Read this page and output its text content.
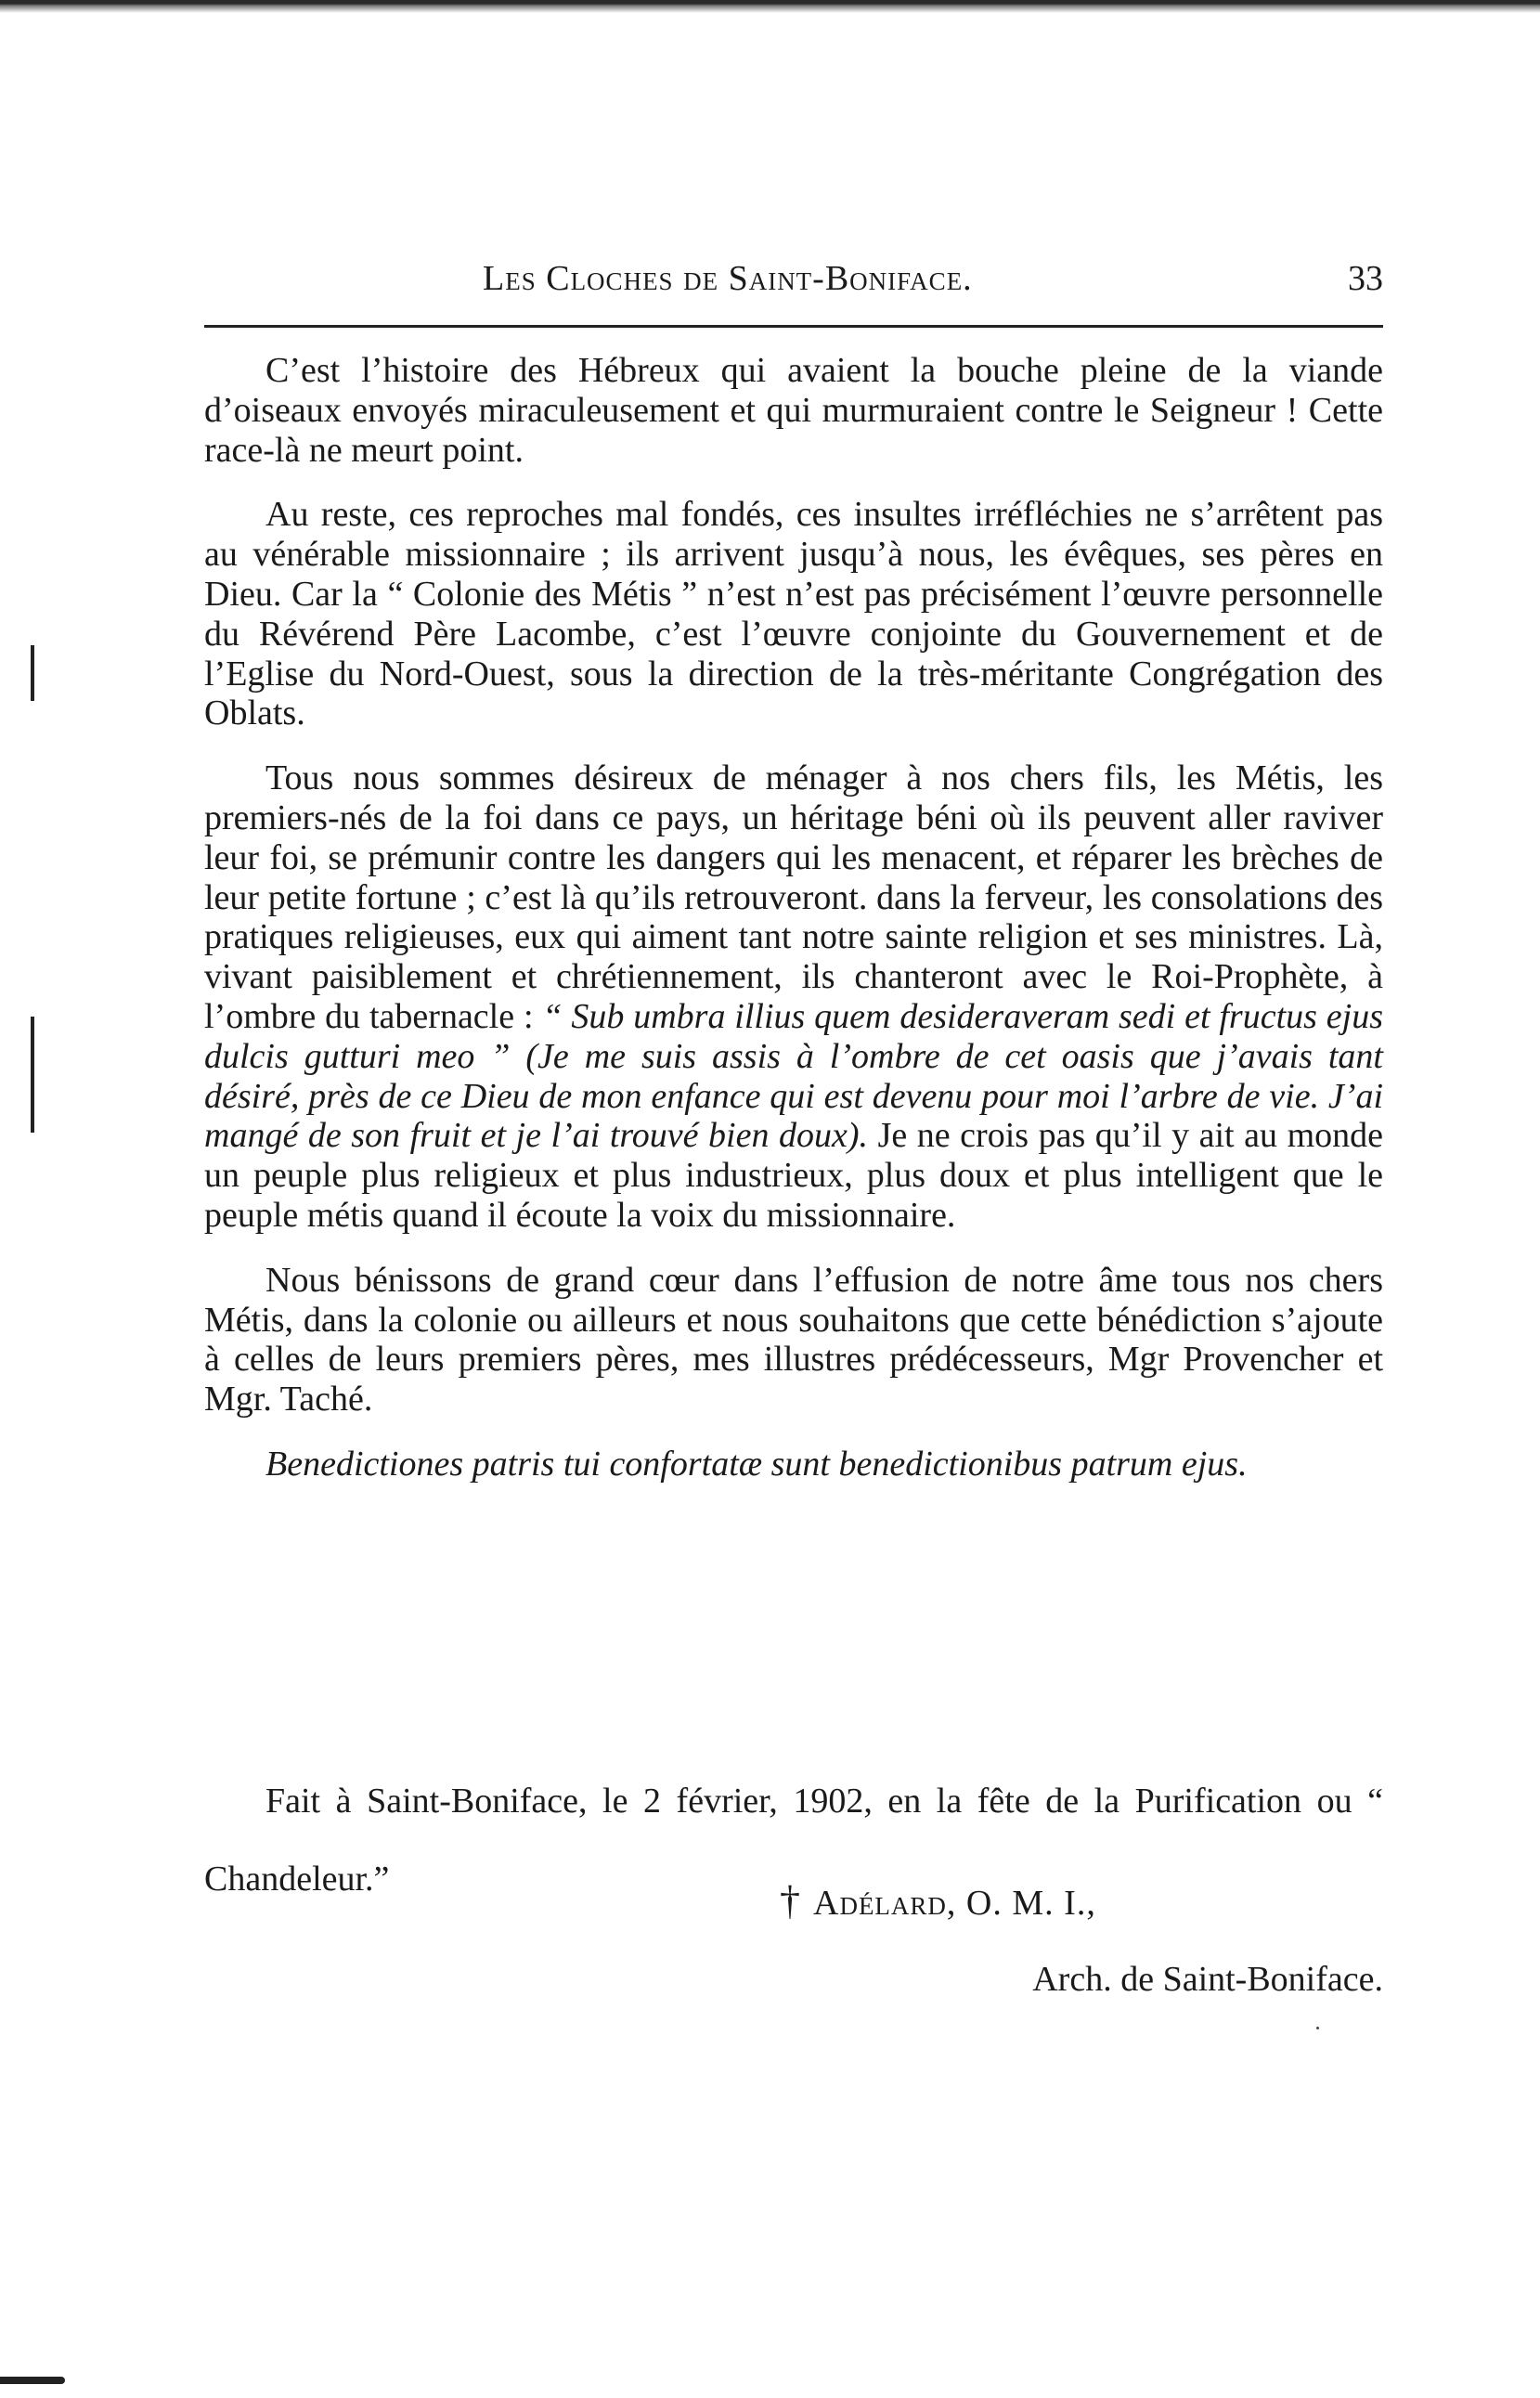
Les Cloches de Saint-Boniface.	33

C’est l’histoire des Hébreux qui avaient la bouche pleine de la viande d’oiseaux envoyés miraculeusement et qui murmuraient contre le Seigneur ! Cette race-là ne meurt point.

Au reste, ces reproches mal fondés, ces insultes irréfléchies ne s’arrêtent pas au vénérable missionnaire ; ils arrivent jusqu’à nous, les évêques, ses pères en Dieu. Car la “ Colonie des Métis ” n’est n’est pas précisément l’œuvre personnelle du Révérend Père Lacombe, c’est l’œuvre conjointe du Gouvernement et de l’Eglise du Nord-Ouest, sous la direction de la très-méritante Congrégation des Oblats.

Tous nous sommes désireux de ménager à nos chers fils, les Métis, les premiers-nés de la foi dans ce pays, un héritage béni où ils peuvent aller raviver leur foi, se prémunir contre les dangers qui les menacent, et réparer les brèches de leur petite fortune ; c’est là qu’ils retrouveront. dans la ferveur, les consolations des pratiques religieuses, eux qui aiment tant notre sainte religion et ses ministres. Là, vivant paisiblement et chrétiennement, ils chanteront avec le Roi-Prophète, à l’ombre du tabernacle : “ Sub umbra illius quem desideraveram sedi et fructus ejus dulcis gutturi meo ” (Je me suis assis à l’ombre de cet oasis que j’avais tant désiré, près de ce Dieu de mon enfance qui est devenu pour moi l’arbre de vie. J’ai mangé de son fruit et je l’ai trouvé bien doux). Je ne crois pas qu’il y ait au monde un peuple plus religieux et plus industrieux, plus doux et plus intelligent que le peuple métis quand il écoute la voix du missionnaire.

Nous bénissons de grand cœur dans l’effusion de notre âme tous nos chers Métis, dans la colonie ou ailleurs et nous souhaitons que cette bénédiction s’ajoute à celles de leurs premiers pères, mes illustres prédécesseurs, Mgr Provencher et Mgr. Taché.

Benedictiones patris tui confortatæ sunt benedictionibus patrum ejus.

Fait à Saint-Boniface, le 2 février, 1902, en la fête de la Purification ou “ Chandeleur.”	† Adélard, O. M. I.,
Arch. de Saint-Boniface.
